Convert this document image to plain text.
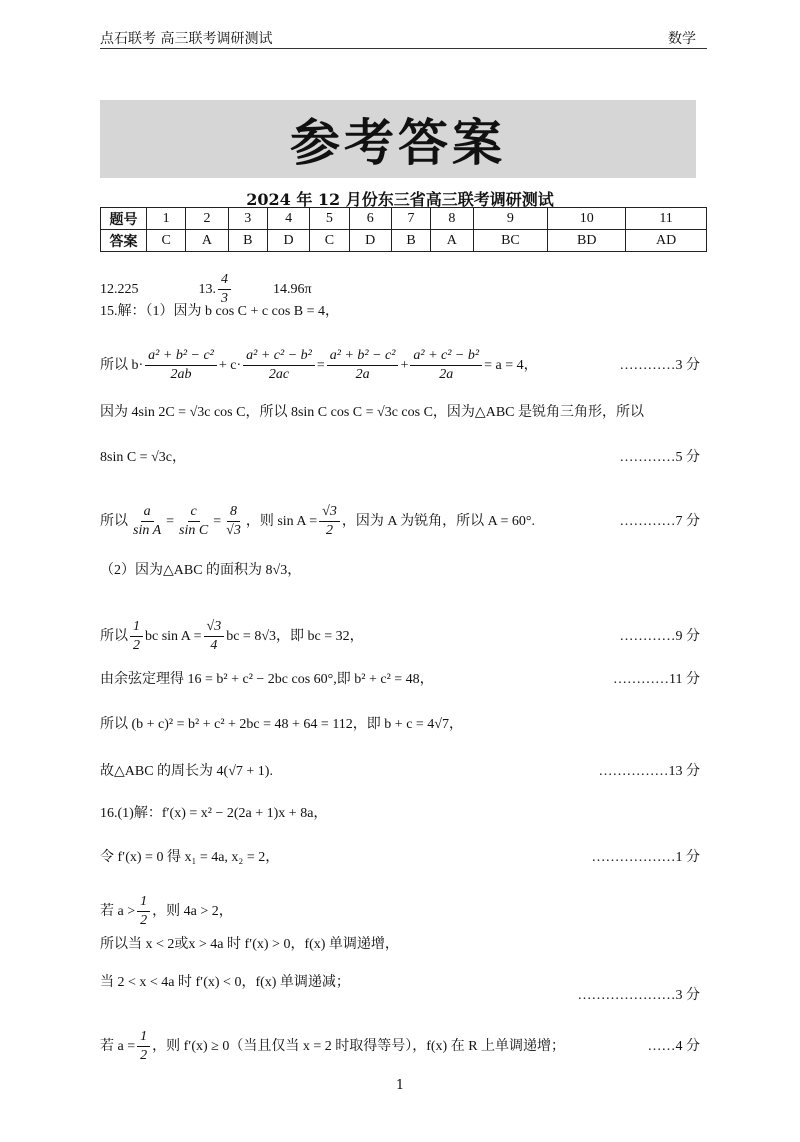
点石联考 高三联考调研测试	数学
参考答案
2024 年 12 月份东三省高三联考调研测试
题号	1	2	3	4	5	6	7	8	9	10	11
答案	C	A	B	D	C	D	B	A	BC	BD	AD
12.225	13. $\frac{4}{3}$	14.96π
15.解：（1）因为 b cos C + c cos B = 4，
所以 $b\cdot \frac{\text{a² + b² − c²}}{2ab} + c\cdot \frac{\text{a² + c² − b²}}{2ac} = \frac{\text{a² + b² − c²}}{2a} + \frac{\text{a² + c² − b²}}{2a} = a = 4$，	…………3 分
因为 4sin 2C = √3c cos C，所以 8sin C cos C = √3c cos C，因为△ABC 是锐角三角形，所以
8sin C = √3c，	…………5 分
所以 $\frac{a}{\text{sin A}} = \frac{c}{\text{sin C}} = \frac{8}{√3}$ ，则 $\sin A = \frac{√3}{2}$ ，因为 A 为锐角，所以 A = 60°.	…………7 分
（2）因为△ABC 的面积为 8√3，
所以 $\frac{1}{2}$ bc $\sin A = \frac{√3}{4}$ bc = 8√3，即 bc = 32，	…………9 分
由余弦定理得 16 = b² + c² − 2bc cos 60°,即 b² + c² = 48，	…………11 分
所以 (b + c)² = b² + c² + 2bc = 48 + 64 = 112，即 b + c = 4√7，
故△ABC 的周长为 4(√7 + 1).	……………13 分
16.(1)解：f′(x) = x² − 2(2a + 1)x + 8a，
令 f′(x) = 0 得 x₁ = 4a, x₂ = 2，	………………1 分
若 $a > \frac{1}{2}$ ，则 4a > 2，
所以当 x < 2或x > 4a 时 f′(x) > 0，f(x) 单调递增，
当 2 < x < 4a 时 f′(x) < 0，f(x) 单调递减；
…………………3 分
若 $a = \frac{1}{2}$ ，则 f′(x) ≥ 0（当且仅当 x = 2 时取得等号），f(x) 在 R 上单调递增；	……4 分
1
